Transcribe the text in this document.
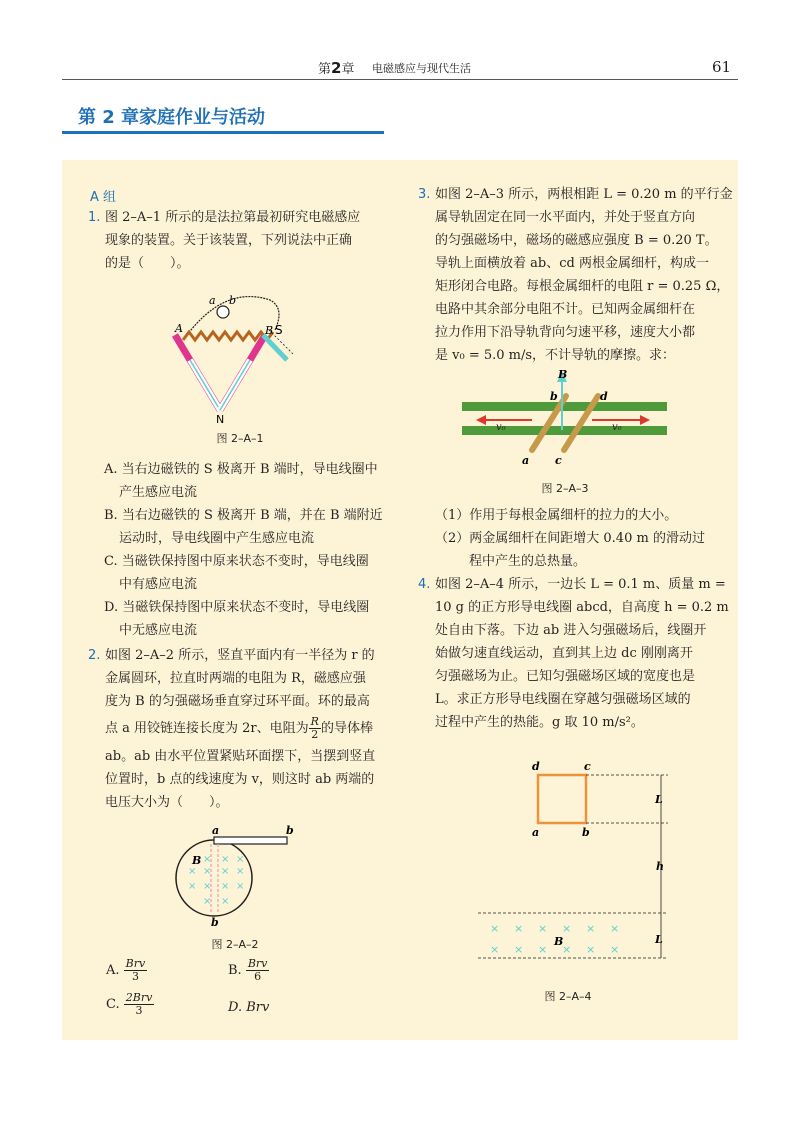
第2章 电磁感应与现代生活	61
第 2 章家庭作业与活动
A 组
1. 图 2–A–1 所示的是法拉第最初研究电磁感应
现象的装置。关于该装置，下列说法中正确
的是（　　）。
a b
A	B S
N
图 2–A–1
A. 当右边磁铁的 S 极离开 B 端时，导电线圈中
产生感应电流
B. 当右边磁铁的 S 极离开 B 端，并在 B 端附近
运动时，导电线圈中产生感应电流
C. 当磁铁保持图中原来状态不变时，导电线圈
中有感应电流
D. 当磁铁保持图中原来状态不变时，导电线圈
中无感应电流
2. 如图 2–A–2 所示，竖直平面内有一半径为 r 的
金属圆环，拉直时两端的电阻为 R，磁感应强
度为 B 的匀强磁场垂直穿过环平面。环的最高
点 a 用铰链连接长度为 2r、电阻为 $\frac{R}{2}$ 的导体棒
ab。ab 由水平位置紧贴环面摆下，当摆到竖直
位置时，b 点的线速度为 v，则这时 ab 两端的
电压大小为（　　）。
× × ×
× × × ×
× × × ×
× ×
a	b
B
b
图 2–A–2
A. $\frac{\text{Brv}}{3}$	B. $\frac{\text{Brv}}{6}$
C. $\frac{\text{2Brv}}{3}$	D. Brv
3. 如图 2–A–3 所示，两根相距 L = 0.20 m 的平行金
属导轨固定在同一水平面内，并处于竖直方向
的匀强磁场中，磁场的磁感应强度 B = 0.20 T。
导轨上面横放着 ab、cd 两根金属细杆，构成一
矩形闭合电路。每根金属细杆的电阻 r = 0.25 Ω，
电路中其余部分电阻不计。已知两金属细杆在
拉力作用下沿导轨背向匀速平移，速度大小都
是 v₀ = 5.0 m/s，不计导轨的摩擦。求：
B
b	d
v₀	v₀
a c
图 2–A–3
（1）作用于每根金属细杆的拉力的大小。
（2）两金属细杆在间距增大 0.40 m 的滑动过
程中产生的总热量。
4. 如图 2–A–4 所示，一边长 L = 0.1 m、质量 m =
10 g 的正方形导电线圈 abcd，自高度 h = 0.2 m
处自由下落。下边 ab 进入匀强磁场后，线圈开
始做匀速直线运动，直到其上边 dc 刚刚离开
匀强磁场为止。已知匀强磁场区域的宽度也是
L。求正方形导电线圈在穿越匀强磁场区域的
过程中产生的热能。g 取 10 m/s²。
× × × × × ×
× × × × × ×
d	c
a	b
L
h
B	L
图 2–A–4
